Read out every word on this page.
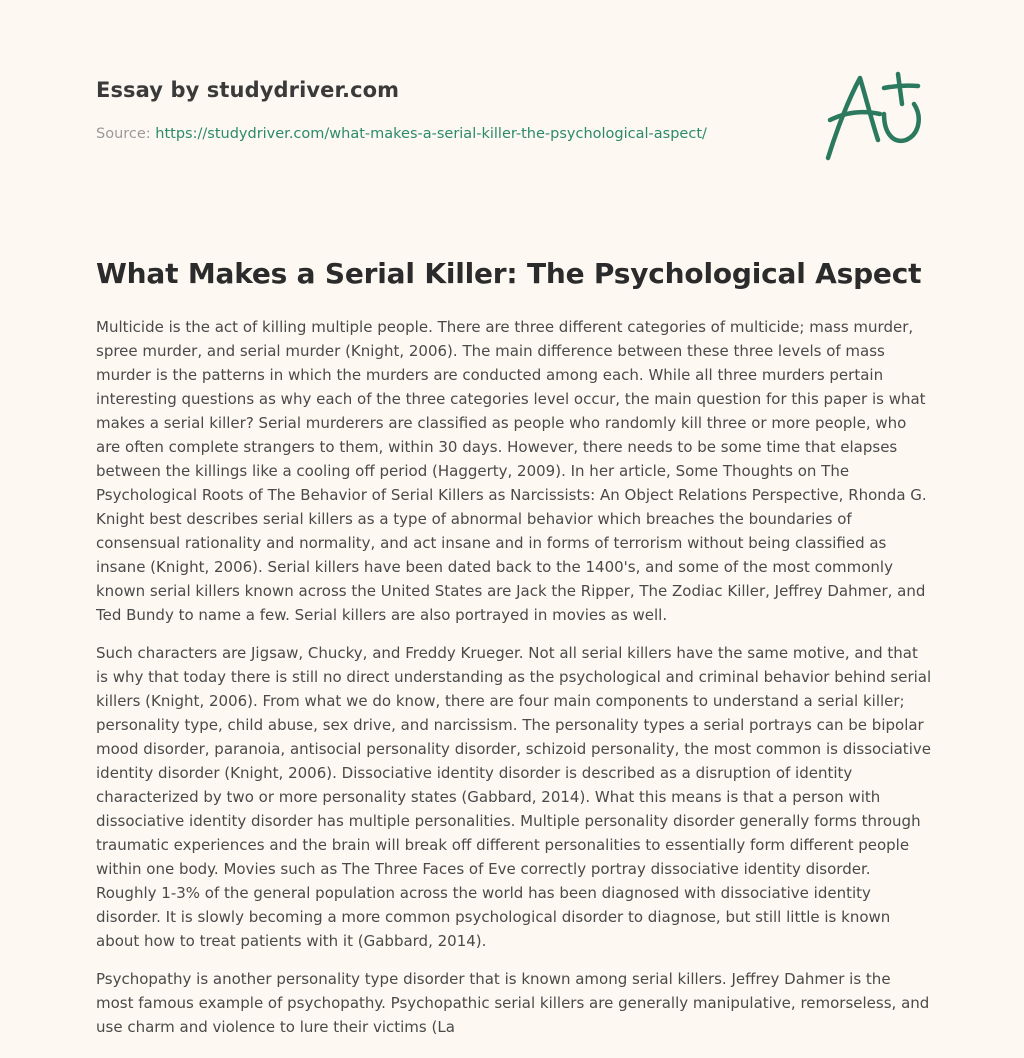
Essay by studydriver.com
Source: https://studydriver.com/what-makes-a-serial-killer-the-psychological-aspect/
What Makes a Serial Killer: The Psychological Aspect

Multicide is the act of killing multiple people. There are three different categories of multicide; mass murder, spree murder, and serial murder (Knight, 2006). The main difference between these three levels of mass murder is the patterns in which the murders are conducted among each. While all three murders pertain interesting questions as why each of the three categories level occur, the main question for this paper is what makes a serial killer? Serial murderers are classified as people who randomly kill three or more people, who are often complete strangers to them, within 30 days. However, there needs to be some time that elapses between the killings like a cooling off period (Haggerty, 2009). In her article, Some Thoughts on The Psychological Roots of The Behavior of Serial Killers as Narcissists: An Object Relations Perspective, Rhonda G. Knight best describes serial killers as a type of abnormal behavior which breaches the boundaries of consensual rationality and normality, and act insane and in forms of terrorism without being classified as insane (Knight, 2006). Serial killers have been dated back to the 1400's, and some of the most commonly known serial killers known across the United States are Jack the Ripper, The Zodiac Killer, Jeffrey Dahmer, and Ted Bundy to name a few. Serial killers are also portrayed in movies as well.

Such characters are Jigsaw, Chucky, and Freddy Krueger. Not all serial killers have the same motive, and that is why that today there is still no direct understanding as the psychological and criminal behavior behind serial killers (Knight, 2006). From what we do know, there are four main components to understand a serial killer; personality type, child abuse, sex drive, and narcissism. The personality types a serial portrays can be bipolar mood disorder, paranoia, antisocial personality disorder, schizoid personality, the most common is dissociative identity disorder (Knight, 2006). Dissociative identity disorder is described as a disruption of identity characterized by two or more personality states (Gabbard, 2014). What this means is that a person with dissociative identity disorder has multiple personalities. Multiple personality disorder generally forms through traumatic experiences and the brain will break off different personalities to essentially form different people within one body. Movies such as The Three Faces of Eve correctly portray dissociative identity disorder. Roughly 1-3% of the general population across the world has been diagnosed with dissociative identity disorder. It is slowly becoming a more common psychological disorder to diagnose, but still little is known about how to treat patients with it (Gabbard, 2014).

Psychopathy is another personality type disorder that is known among serial killers. Jeffrey Dahmer is the most famous example of psychopathy. Psychopathic serial killers are generally manipulative, remorseless, and use charm and violence to lure their victims (La
